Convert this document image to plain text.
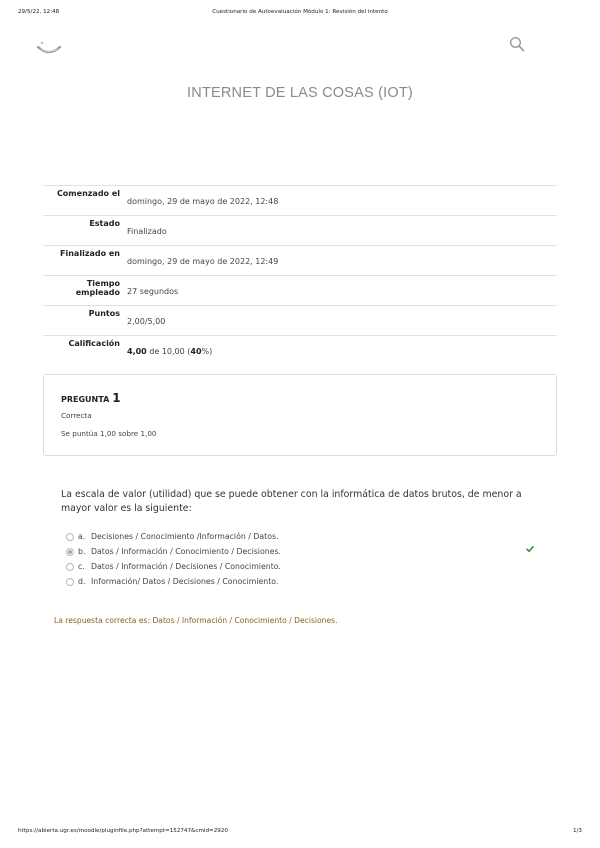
29/5/22, 12:48	Cuestionario de Autoevaluación Módulo 1: Revisión del intento
INTERNET DE LAS COSAS (IOT)
Comenzado el	domingo, 29 de mayo de 2022, 12:48
Estado	Finalizado
Finalizado en	domingo, 29 de mayo de 2022, 12:49
Tiempo empleado	27 segundos
Puntos	2,00/5,00
Calificación	4,00 de 10,00 (40%)
PREGUNTA 1
Correcta
Se puntúa 1,00 sobre 1,00
La escala de valor (utilidad) que se puede obtener con la informática de datos brutos, de menor a mayor valor es la siguiente:
a. Decisiones / Conocimiento /Información / Datos.
b. Datos / Información / Conocimiento / Decisiones.
c. Datos / Información / Decisiones / Conocimiento.
d. Información/ Datos / Decisiones / Conocimiento.
La respuesta correcta es: Datos / Información / Conocimiento / Decisiones.
https://abierta.ugr.es/moodle/pluginfile.php?attempt=152747&cmid=2920	1/3
